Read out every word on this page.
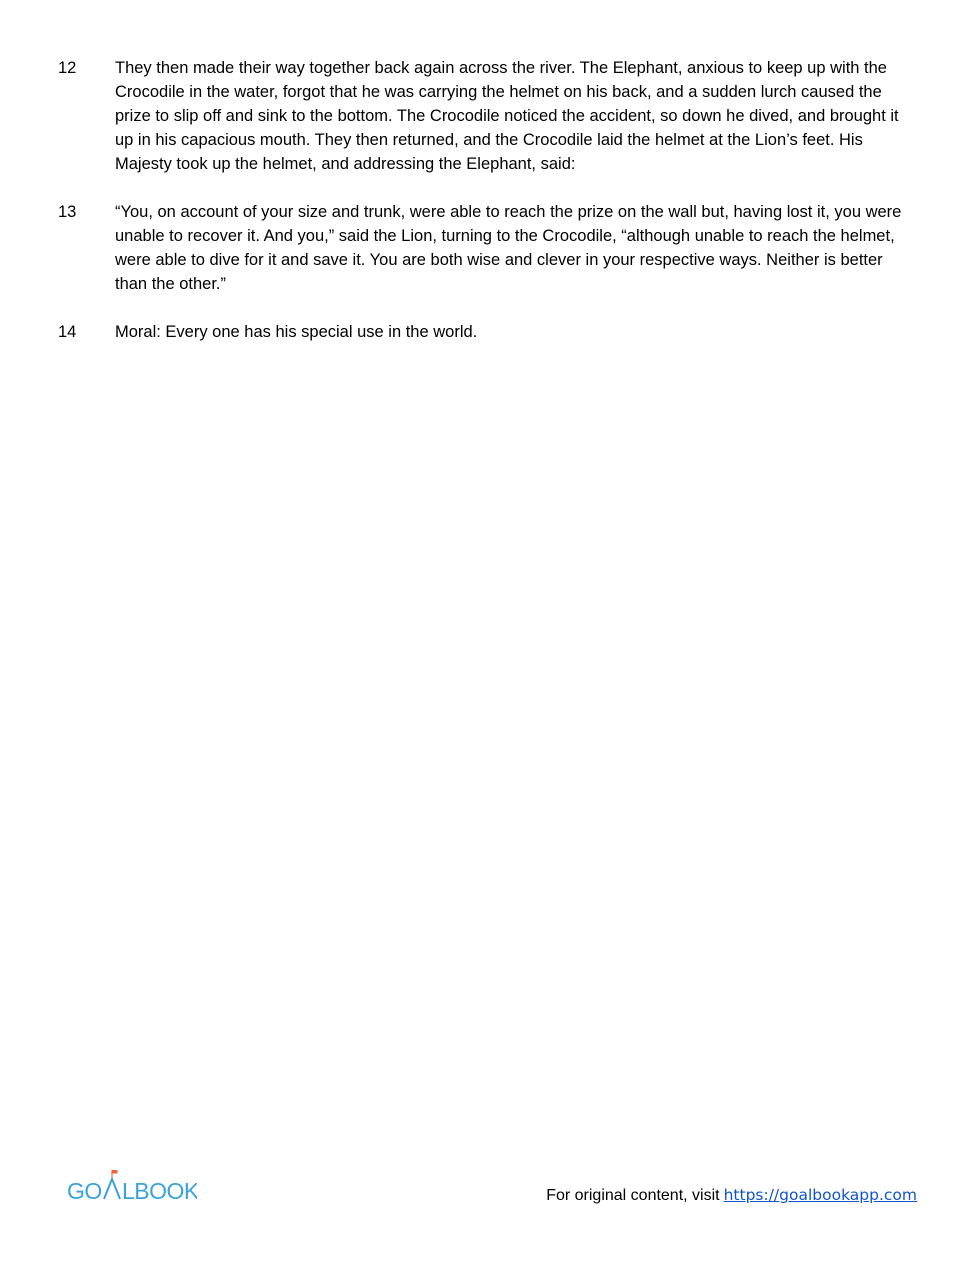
12	They then made their way together back again across the river. The Elephant, anxious to keep up with the Crocodile in the water, forgot that he was carrying the helmet on his back, and a sudden lurch caused the prize to slip off and sink to the bottom. The Crocodile noticed the accident, so down he dived, and brought it up in his capacious mouth. They then returned, and the Crocodile laid the helmet at the Lion’s feet. His Majesty took up the helmet, and addressing the Elephant, said:

13	“You, on account of your size and trunk, were able to reach the prize on the wall but, having lost it, you were unable to recover it. And you,” said the Lion, turning to the Crocodile, “although unable to reach the helmet, were able to dive for it and save it. You are both wise and clever in your respective ways. Neither is better than the other.”

14	Moral: Every one has his special use in the world.

GO LBOOK	For original content, visit https://goalbookapp.com
